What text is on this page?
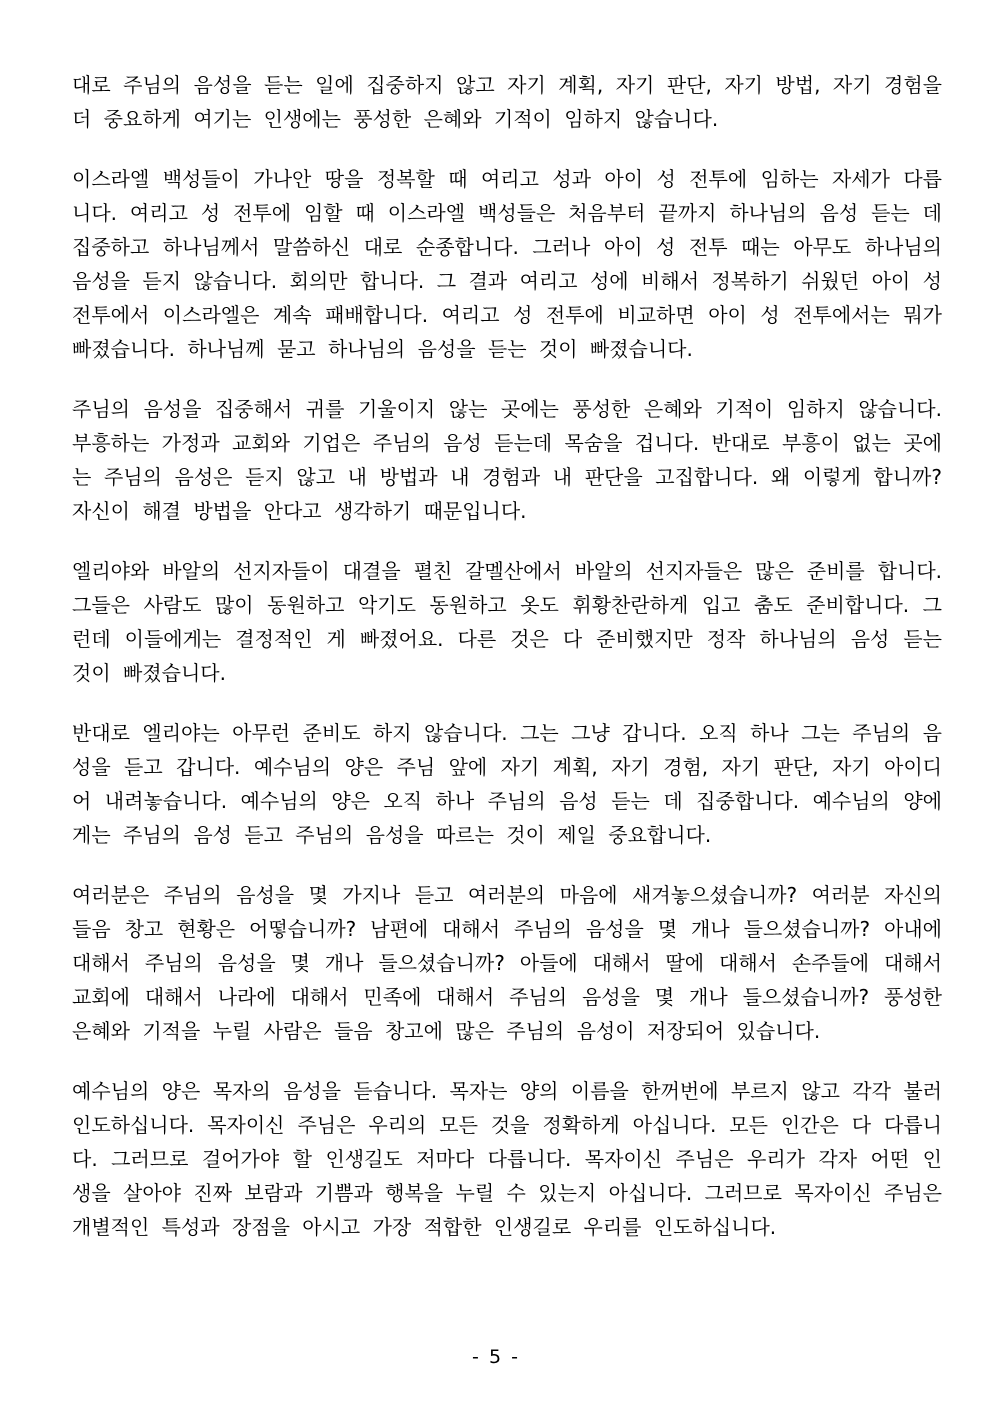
대로 주님의 음성을 듣는 일에 집중하지 않고 자기 계획, 자기 판단, 자기 방법, 자기 경험을 더 중요하게 여기는 인생에는 풍성한 은혜와 기적이 임하지 않습니다.

이스라엘 백성들이 가나안 땅을 정복할 때 여리고 성과 아이 성 전투에 임하는 자세가 다릅니다. 여리고 성 전투에 임할 때 이스라엘 백성들은 처음부터 끝까지 하나님의 음성 듣는 데 집중하고 하나님께서 말씀하신 대로 순종합니다. 그러나 아이 성 전투 때는 아무도 하나님의 음성을 듣지 않습니다. 회의만 합니다. 그 결과 여리고 성에 비해서 정복하기 쉬웠던 아이 성 전투에서 이스라엘은 계속 패배합니다. 여리고 성 전투에 비교하면 아이 성 전투에서는 뭐가 빠졌습니다. 하나님께 묻고 하나님의 음성을 듣는 것이 빠졌습니다.

주님의 음성을 집중해서 귀를 기울이지 않는 곳에는 풍성한 은혜와 기적이 임하지 않습니다. 부흥하는 가정과 교회와 기업은 주님의 음성 듣는데 목숨을 겁니다. 반대로 부흥이 없는 곳에는 주님의 음성은 듣지 않고 내 방법과 내 경험과 내 판단을 고집합니다. 왜 이렇게 합니까? 자신이 해결 방법을 안다고 생각하기 때문입니다.

엘리야와 바알의 선지자들이 대결을 펼친 갈멜산에서 바알의 선지자들은 많은 준비를 합니다. 그들은 사람도 많이 동원하고 악기도 동원하고 옷도 휘황찬란하게 입고 춤도 준비합니다. 그런데 이들에게는 결정적인 게 빠졌어요. 다른 것은 다 준비했지만 정작 하나님의 음성 듣는 것이 빠졌습니다.

반대로 엘리야는 아무런 준비도 하지 않습니다. 그는 그냥 갑니다. 오직 하나 그는 주님의 음성을 듣고 갑니다. 예수님의 양은 주님 앞에 자기 계획, 자기 경험, 자기 판단, 자기 아이디어 내려놓습니다. 예수님의 양은 오직 하나 주님의 음성 듣는 데 집중합니다. 예수님의 양에게는 주님의 음성 듣고 주님의 음성을 따르는 것이 제일 중요합니다.

여러분은 주님의 음성을 몇 가지나 듣고 여러분의 마음에 새겨놓으셨습니까? 여러분 자신의 들음 창고 현황은 어떻습니까? 남편에 대해서 주님의 음성을 몇 개나 들으셨습니까? 아내에 대해서 주님의 음성을 몇 개나 들으셨습니까? 아들에 대해서 딸에 대해서 손주들에 대해서 교회에 대해서 나라에 대해서 민족에 대해서 주님의 음성을 몇 개나 들으셨습니까? 풍성한 은혜와 기적을 누릴 사람은 들음 창고에 많은 주님의 음성이 저장되어 있습니다.

예수님의 양은 목자의 음성을 듣습니다. 목자는 양의 이름을 한꺼번에 부르지 않고 각각 불러 인도하십니다. 목자이신 주님은 우리의 모든 것을 정확하게 아십니다. 모든 인간은 다 다릅니다. 그러므로 걸어가야 할 인생길도 저마다 다릅니다. 목자이신 주님은 우리가 각자 어떤 인생을 살아야 진짜 보람과 기쁨과 행복을 누릴 수 있는지 아십니다. 그러므로 목자이신 주님은 개별적인 특성과 장점을 아시고 가장 적합한 인생길로 우리를 인도하십니다.

- 5 -
